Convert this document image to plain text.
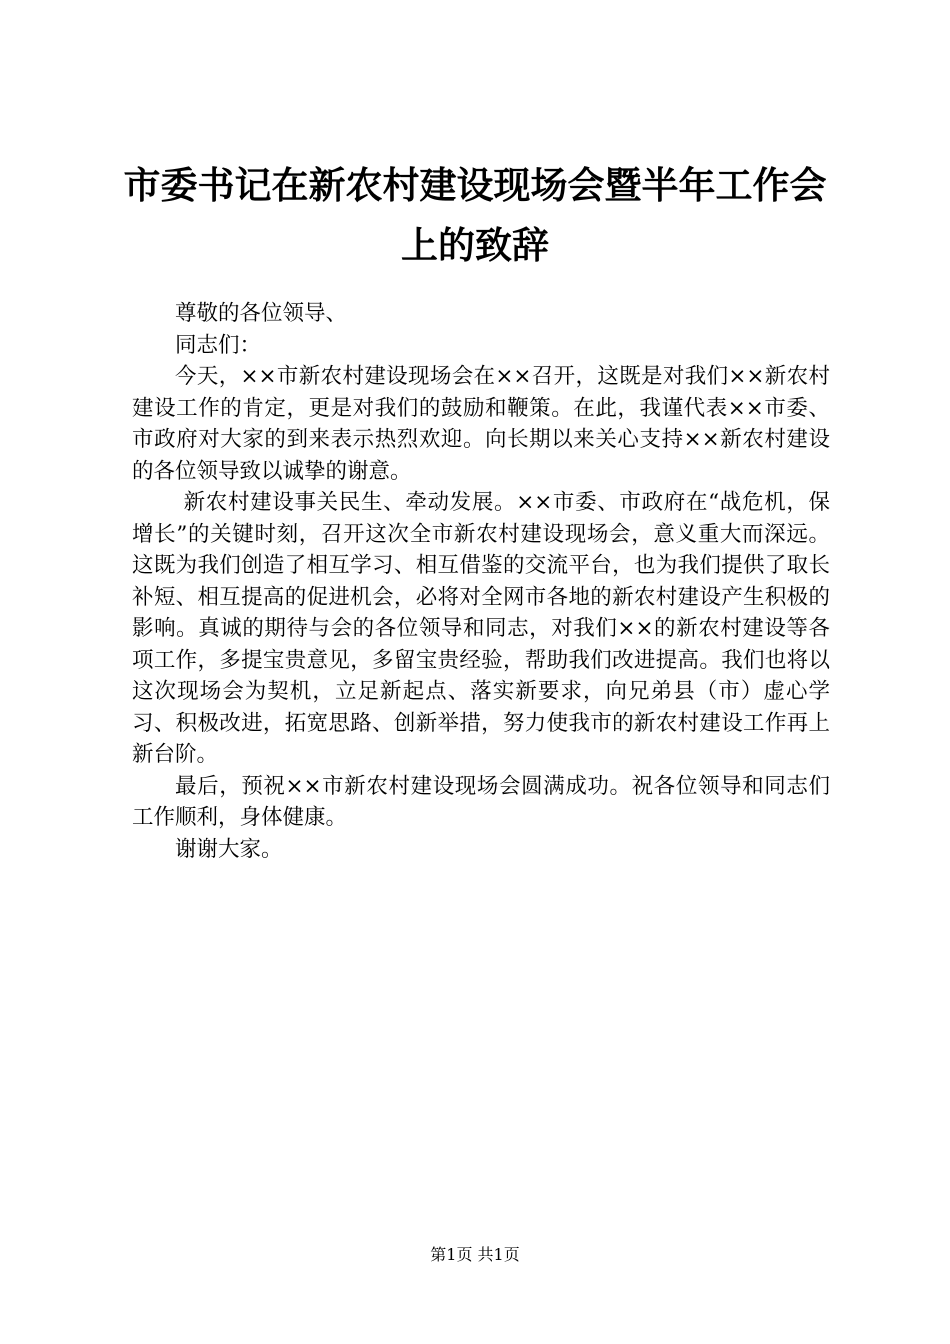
市委书记在新农村建设现场会暨半年工作会上的致辞

尊敬的各位领导、

同志们：

今天，××市新农村建设现场会在××召开，这既是对我们××新农村建设工作的肯定，更是对我们的鼓励和鞭策。在此，我谨代表××市委、市政府对大家的到来表示热烈欢迎。向长期以来关心支持××新农村建设的各位领导致以诚挚的谢意。

新农村建设事关民生、牵动发展。××市委、市政府在“战危机，保增长”的关键时刻，召开这次全市新农村建设现场会，意义重大而深远。这既为我们创造了相互学习、相互借鉴的交流平台，也为我们提供了取长补短、相互提高的促进机会，必将对全网市各地的新农村建设产生积极的影响。真诚的期待与会的各位领导和同志，对我们××的新农村建设等各项工作，多提宝贵意见，多留宝贵经验，帮助我们改进提高。我们也将以这次现场会为契机，立足新起点、落实新要求，向兄弟县（市）虚心学习、积极改进，拓宽思路、创新举措，努力使我市的新农村建设工作再上新台阶。

最后，预祝××市新农村建设现场会圆满成功。祝各位领导和同志们工作顺利，身体健康。

谢谢大家。

第1页 共1页
